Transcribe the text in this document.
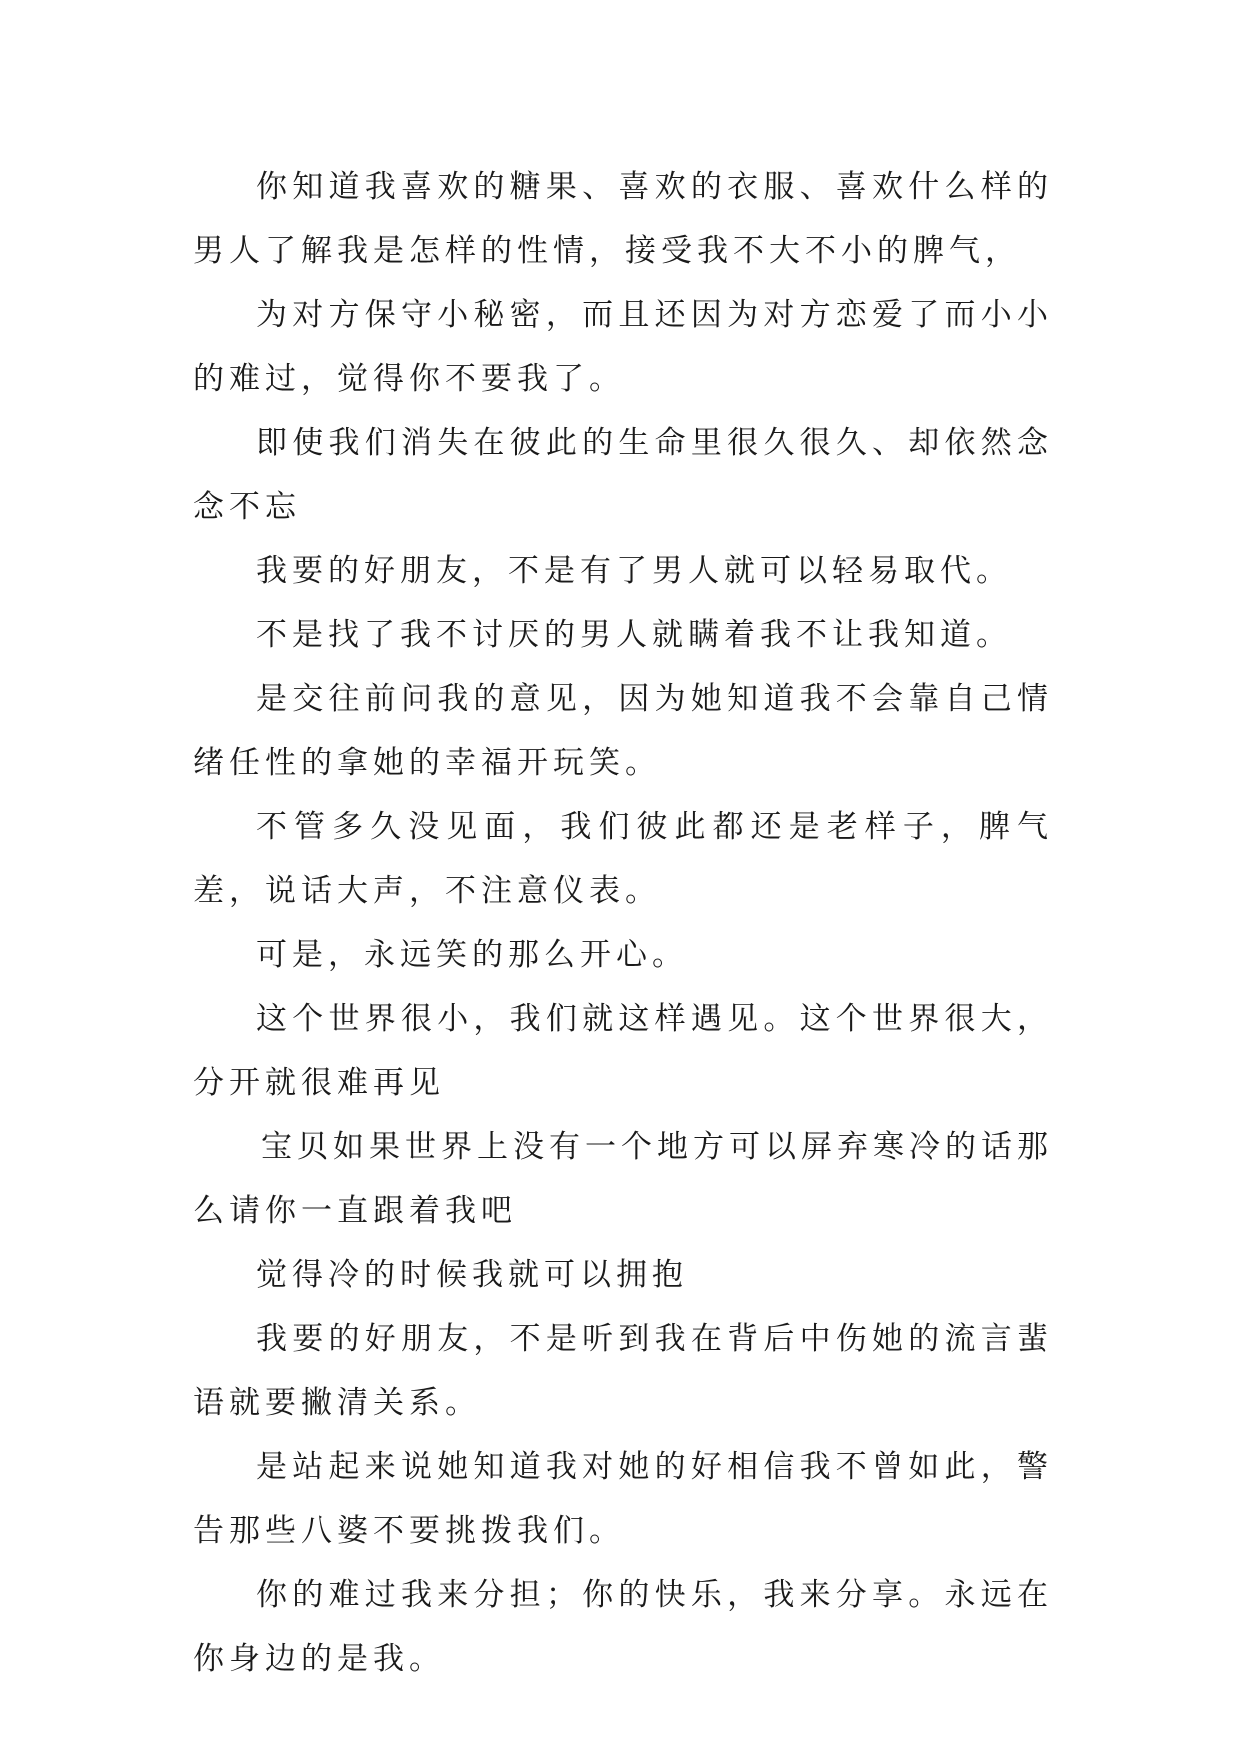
你知道我喜欢的糖果、喜欢的衣服、喜欢什么样的男人了解我是怎样的性情，接受我不大不小的脾气，

为对方保守小秘密，而且还因为对方恋爱了而小小的难过，觉得你不要我了。

即使我们消失在彼此的生命里很久很久、却依然念念不忘

我要的好朋友，不是有了男人就可以轻易取代。

不是找了我不讨厌的男人就瞒着我不让我知道。

是交往前问我的意见，因为她知道我不会靠自己情绪任性的拿她的幸福开玩笑。

不管多久没见面，我们彼此都还是老样子，脾气差，说话大声，不注意仪表。

可是，永远笑的那么开心。

这个世界很小，我们就这样遇见。这个世界很大，分开就很难再见

宝贝如果世界上没有一个地方可以屏弃寒冷的话那么请你一直跟着我吧

觉得冷的时候我就可以拥抱

我要的好朋友，不是听到我在背后中伤她的流言蜚语就要撇清关系。

是站起来说她知道我对她的好相信我不曾如此，警告那些八婆不要挑拨我们。

你的难过我来分担；你的快乐，我来分享。永远在你身边的是我。
